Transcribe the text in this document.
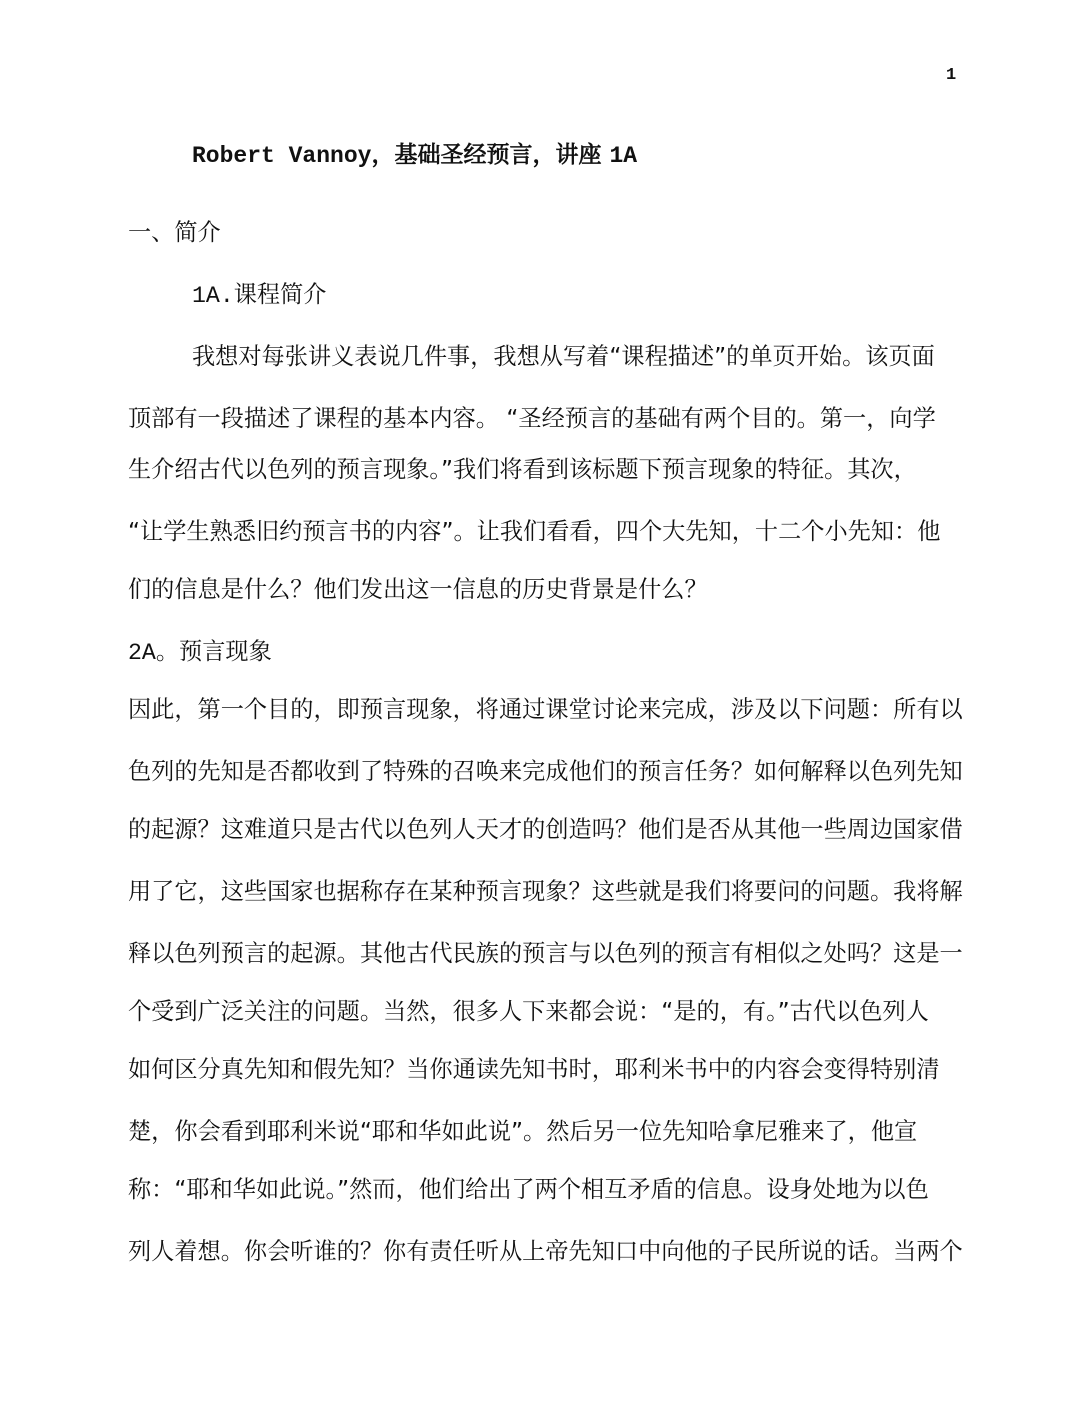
1
Robert Vannoy，基础圣经预言，讲座 1A
一、简介
1A.课程简介
我想对每张讲义表说几件事，我想从写着“课程描述”的单页开始。该页面
顶部有一段描述了课程的基本内容。 “圣经预言的基础有两个目的。第一，向学
生介绍古代以色列的预言现象。”我们将看到该标题下预言现象的特征。其次，
“让学生熟悉旧约预言书的内容”。让我们看看，四个大先知，十二个小先知：他
们的信息是什么？他们发出这一信息的历史背景是什么？
2A。预言现象
因此，第一个目的，即预言现象，将通过课堂讨论来完成，涉及以下问题：所有以
色列的先知是否都收到了特殊的召唤来完成他们的预言任务？如何解释以色列先知
的起源？这难道只是古代以色列人天才的创造吗？他们是否从其他一些周边国家借
用了它，这些国家也据称存在某种预言现象？这些就是我们将要问的问题。我将解
释以色列预言的起源。其他古代民族的预言与以色列的预言有相似之处吗？这是一
个受到广泛关注的问题。当然，很多人下来都会说：“是的，有。”古代以色列人
如何区分真先知和假先知？当你通读先知书时，耶利米书中的内容会变得特别清
楚，你会看到耶利米说“耶和华如此说”。然后另一位先知哈拿尼雅来了，他宣
称：“耶和华如此说。”然而，他们给出了两个相互矛盾的信息。设身处地为以色
列人着想。你会听谁的？你有责任听从上帝先知口中向他的子民所说的话。当两个
